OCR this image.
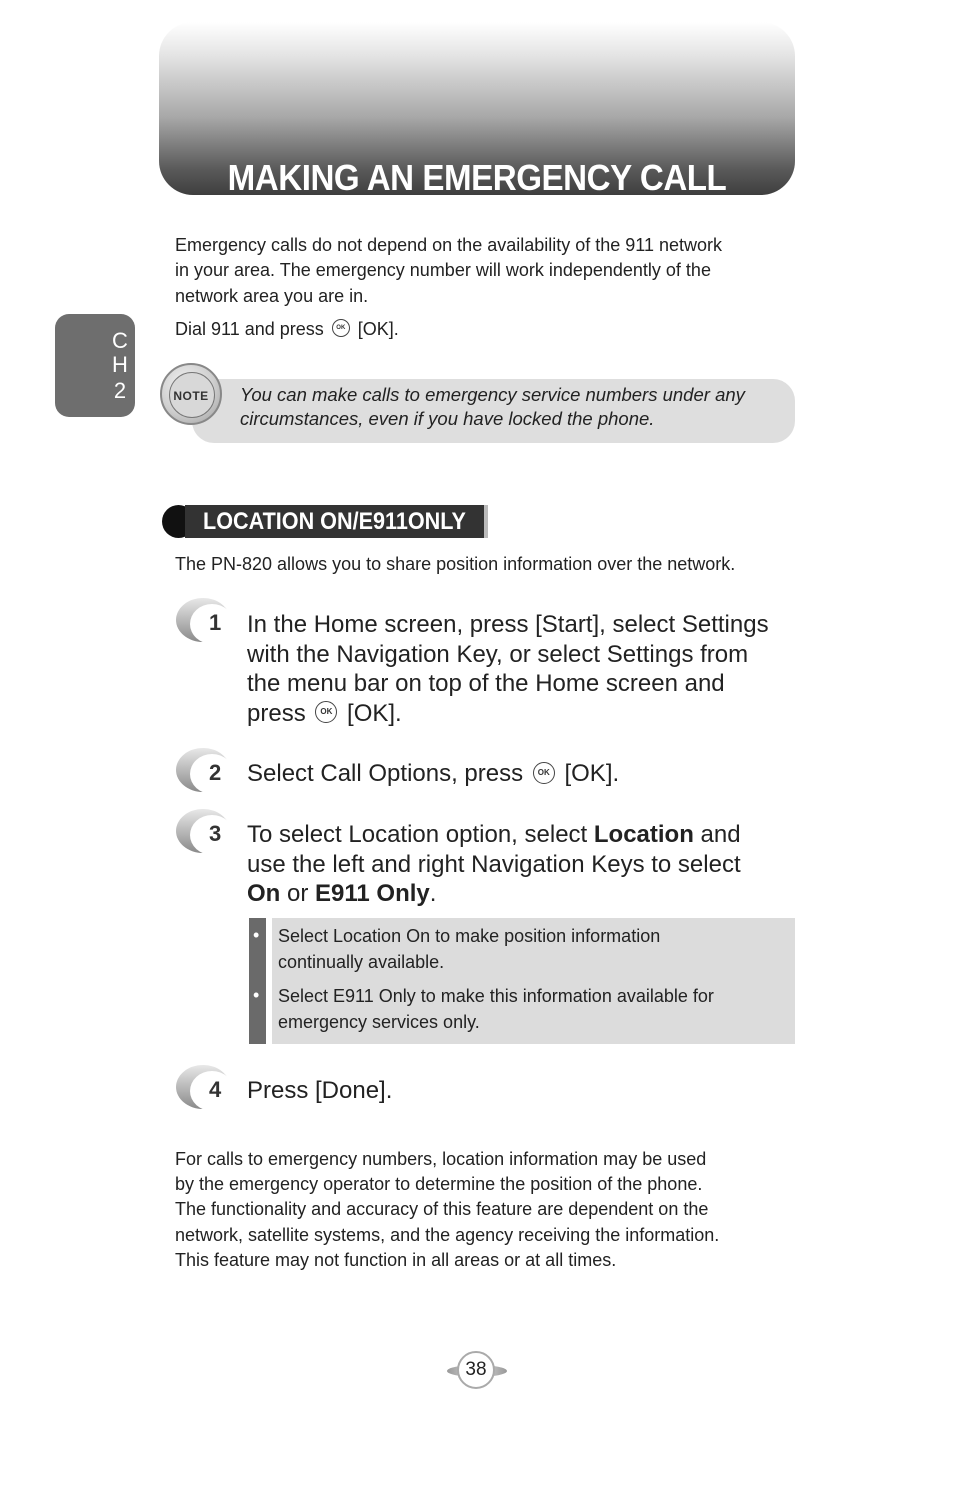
MAKING AN EMERGENCY CALL
C
H
2

Emergency calls do not depend on the availability of the 911 network

in your area. The emergency number will work independently of the

network area you are in.

Dial 911 and press OK [OK].

NOTE	You can make calls to emergency service numbers under any
circumstances, even if you have locked the phone.

LOCATION ON/E911ONLY

The PN-820 allows you to share position information over the network.

1 In the Home screen, press [Start], select Settings
with the Navigation Key, or select Settings from
the menu bar on top of the Home screen and
press OK [OK].

2 Select Call Options, press OK [OK].

3 To select Location option, select Location and
use the left and right Navigation Keys to select
On or E911 Only.

• Select Location On to make position information
continually available.

• Select E911 Only to make this information available for
emergency services only.

4 Press [Done].

For calls to emergency numbers, location information may be used

by the emergency operator to determine the position of the phone.

The functionality and accuracy of this feature are dependent on the

network, satellite systems, and the agency receiving the information.

This feature may not function in all areas or at all times.

38
